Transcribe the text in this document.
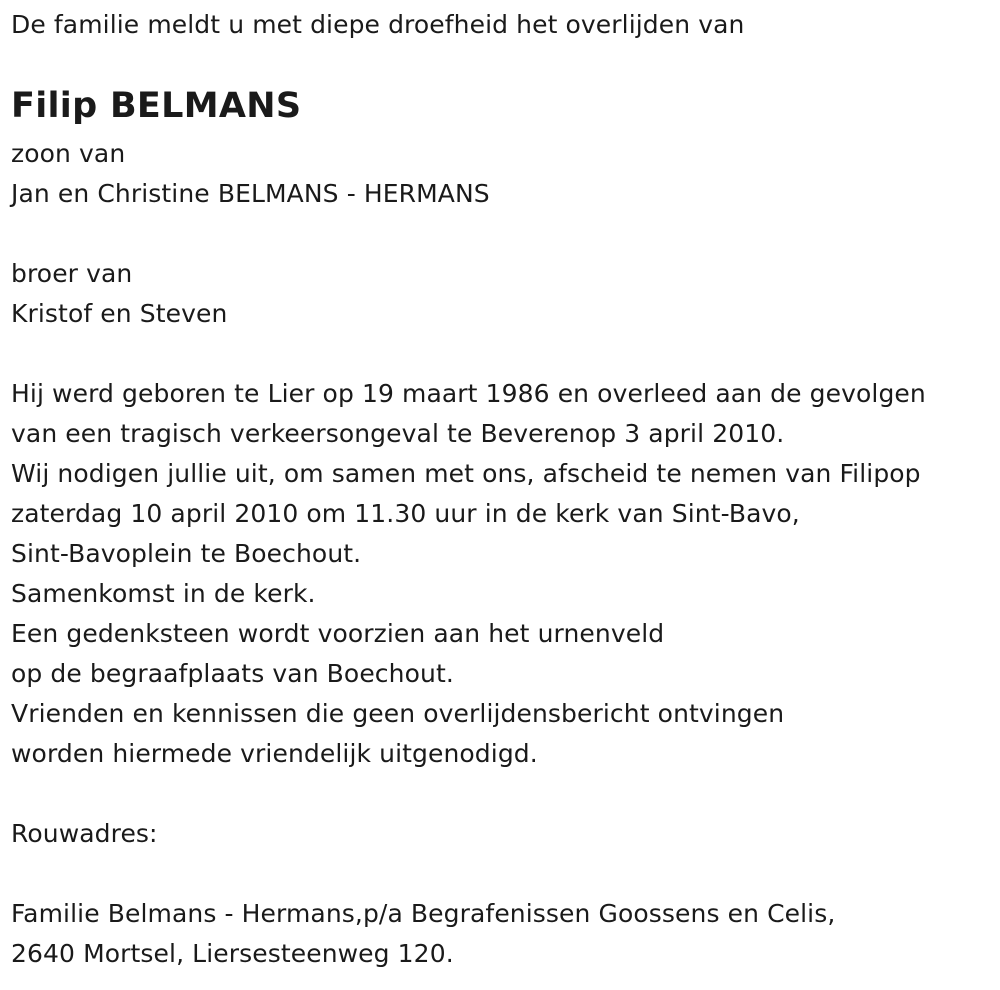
De familie meldt u met diepe droefheid het overlijden van
Filip BELMANS
zoon van
Jan en Christine BELMANS - HERMANS
broer van
Kristof en Steven
Hij werd geboren te Lier op 19 maart 1986 en overleed aan de gevolgen
van een tragisch verkeersongeval te Beverenop 3 april 2010.
Wij nodigen jullie uit, om samen met ons, afscheid te nemen van Filipop
zaterdag 10 april 2010 om 11.30 uur in de kerk van Sint-Bavo,
Sint-Bavoplein te Boechout.
Samenkomst in de kerk.
Een gedenksteen wordt voorzien aan het urnenveld
op de begraafplaats van Boechout.
Vrienden en kennissen die geen overlijdensbericht ontvingen
worden hiermede vriendelijk uitgenodigd.
Rouwadres:
Familie Belmans - Hermans,p/a Begrafenissen Goossens en Celis,
2640 Mortsel, Liersesteenweg 120.
